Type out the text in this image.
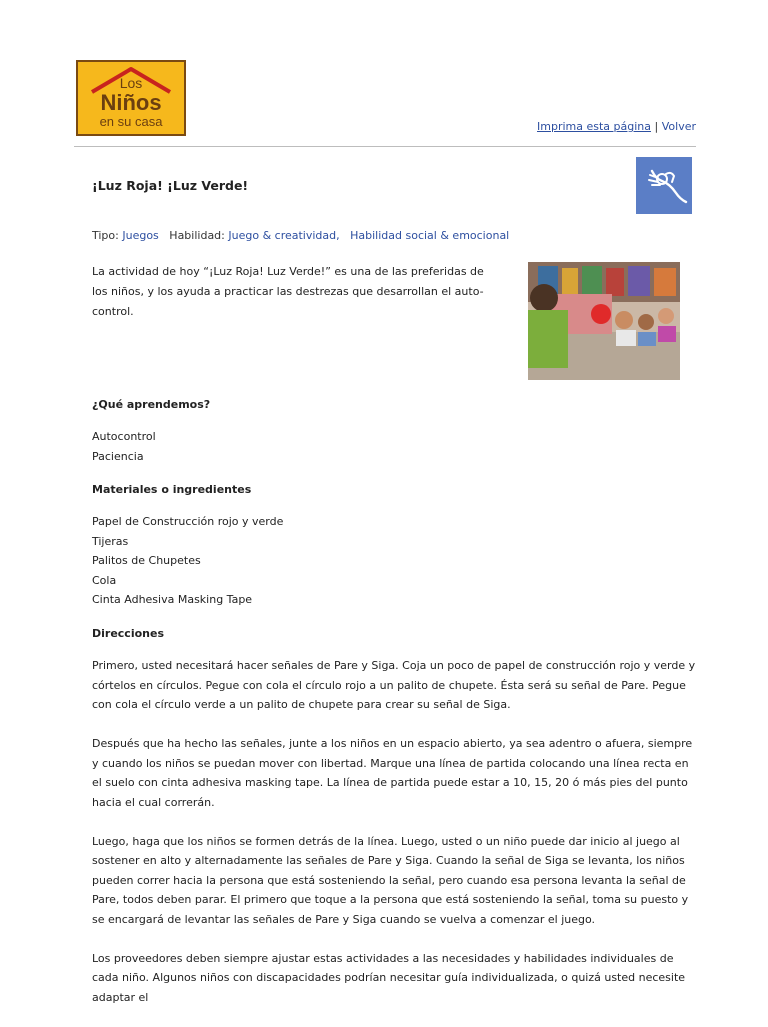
Los
Niños
en su casa	Imprima esta página | Volver
¡Luz Roja! ¡Luz Verde!
Tipo: Juegos Habilidad: Juego & creatividad, Habilidad social & emocional

La actividad de hoy “¡Luz Roja! Luz Verde!” es una de las preferidas de los niños, y los ayuda a practicar las destrezas que desarrollan el auto-control.

¿Qué aprendemos?
Autocontrol
Paciencia
Materiales o ingredientes
Papel de Construcción rojo y verde
Tijeras
Palitos de Chupetes
Cola
Cinta Adhesiva Masking Tape
Direcciones

Primero, usted necesitará hacer señales de Pare y Siga. Coja un poco de papel de construcción rojo y verde y córtelos en círculos. Pegue con cola el círculo rojo a un palito de chupete. Ésta será su señal de Pare. Pegue con cola el círculo verde a un palito de chupete para crear su señal de Siga.

Después que ha hecho las señales, junte a los niños en un espacio abierto, ya sea adentro o afuera, siempre y cuando los niños se puedan mover con libertad. Marque una línea de partida colocando una línea recta en el suelo con cinta adhesiva masking tape. La línea de partida puede estar a 10, 15, 20 ó más pies del punto hacia el cual correrán.

Luego, haga que los niños se formen detrás de la línea. Luego, usted o un niño puede dar inicio al juego al sostener en alto y alternadamente las señales de Pare y Siga. Cuando la señal de Siga se levanta, los niños pueden correr hacia la persona que está sosteniendo la señal, pero cuando esa persona levanta la señal de Pare, todos deben parar. El primero que toque a la persona que está sosteniendo la señal, toma su puesto y se encargará de levantar las señales de Pare y Siga cuando se vuelva a comenzar el juego.

Los proveedores deben siempre ajustar estas actividades a las necesidades y habilidades individuales de cada niño. Algunos niños con discapacidades podrían necesitar guía individualizada, o quizá usted necesite adaptar el
